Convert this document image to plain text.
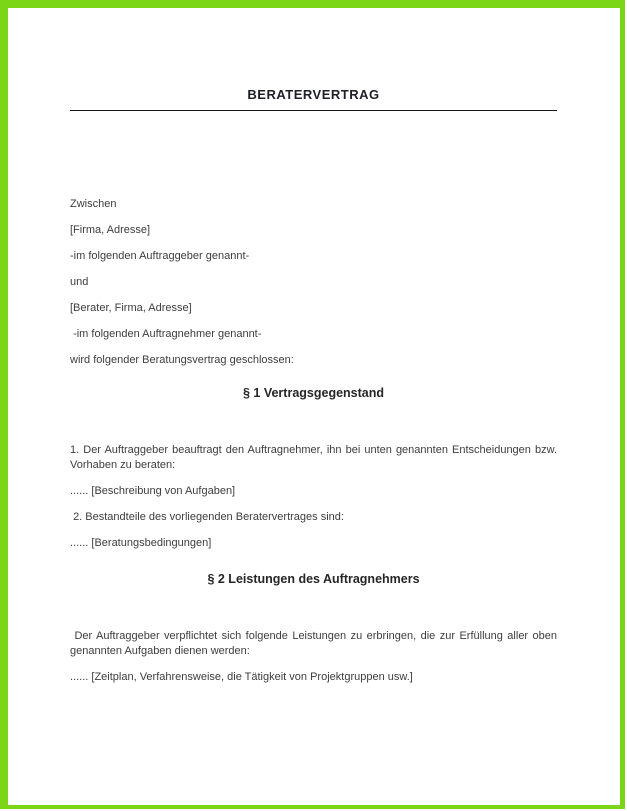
BERATERVERTRAG

Zwischen

[Firma, Adresse]

-im folgenden Auftraggeber genannt-

und

[Berater, Firma, Adresse]

-im folgenden Auftragnehmer genannt-

wird folgender Beratungsvertrag geschlossen:

§ 1 Vertragsgegenstand

1. Der Auftraggeber beauftragt den Auftragnehmer, ihn bei unten genannten Entscheidungen bzw. Vorhaben zu beraten:

...... [Beschreibung von Aufgaben]

2. Bestandteile des vorliegenden Beratervertrages sind:

...... [Beratungsbedingungen]

§ 2 Leistungen des Auftragnehmers

Der Auftraggeber verpflichtet sich folgende Leistungen zu erbringen, die zur Erfüllung aller oben genannten Aufgaben dienen werden:

...... [Zeitplan, Verfahrensweise, die Tätigkeit von Projektgruppen usw.]
